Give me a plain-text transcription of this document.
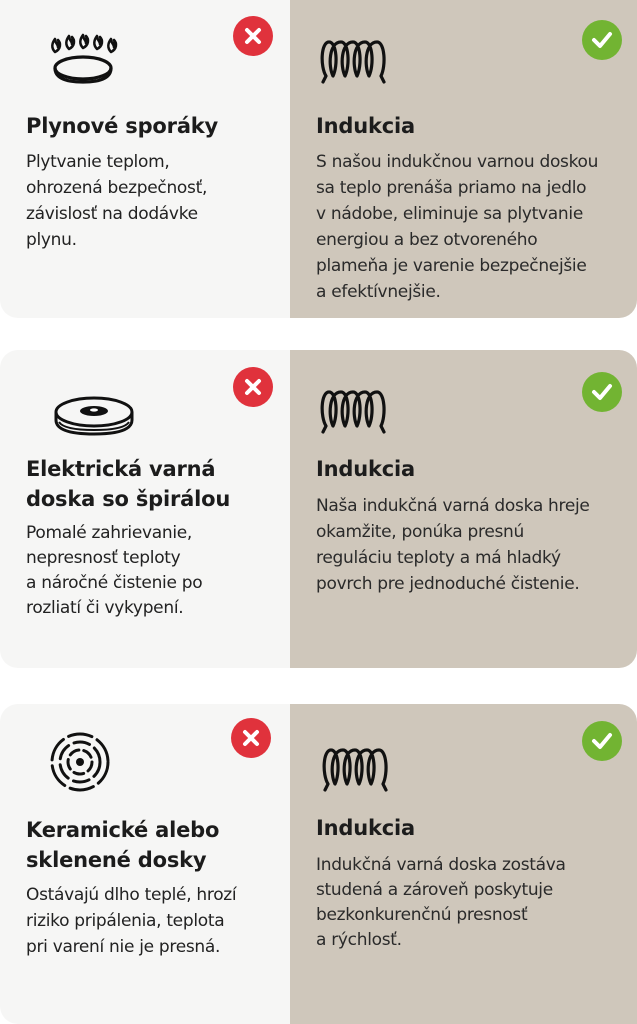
Plynové sporáky

Plytvanie teplom,
ohrozená bezpečnosť,
závislosť na dodávke
plynu.

Indukcia

S našou indukčnou varnou doskou
sa teplo prenáša priamo na jedlo
v nádobe, eliminuje sa plytvanie
energiou a bez otvoreného
plameňa je varenie bezpečnejšie
a efektívnejšie.

Elektrická varná
doska so špirálou

Pomalé zahrievanie,
nepresnosť teploty
a náročné čistenie po
rozliatí či vykypení.

Indukcia

Naša indukčná varná doska hreje
okamžite, ponúka presnú
reguláciu teploty a má hladký
povrch pre jednoduché čistenie.

Keramické alebo
sklenené dosky

Ostávajú dlho teplé, hrozí
riziko pripálenia, teplota
pri varení nie je presná.

Indukcia

Indukčná varná doska zostáva
studená a zároveň poskytuje
bezkonkurenčnú presnosť
a rýchlosť.
